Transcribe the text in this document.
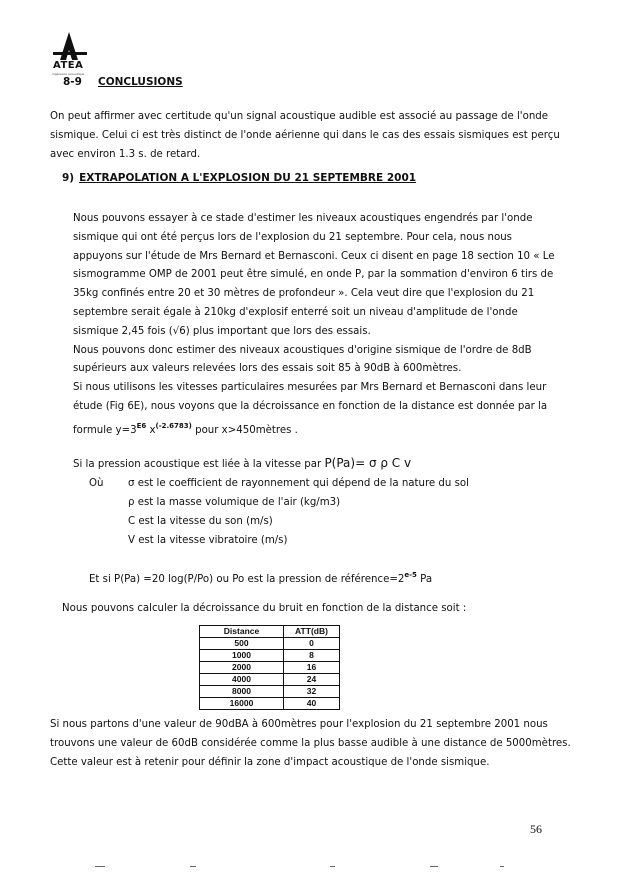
ATEA
ingénierie acoustique
8-9 CONCLUSIONS

On peut affirmer avec certitude qu'un signal acoustique audible est associé au passage de l'onde sismique. Celui ci est très distinct de l'onde aérienne qui dans le cas des essais sismiques est perçu avec environ 1.3 s. de retard.

9) EXTRAPOLATION A L'EXPLOSION DU 21 SEPTEMBRE 2001
Nous pouvons essayer à ce stade d'estimer les niveaux acoustiques engendrés par l'onde sismique qui ont été perçus lors de l'explosion du 21 septembre. Pour cela, nous nous appuyons sur l'étude de Mrs Bernard et Bernasconi. Ceux ci disent en page 18 section 10 « Le sismogramme OMP de 2001 peut être simulé, en onde P, par la sommation d'environ 6 tirs de 35kg confinés entre 20 et 30 mètres de profondeur ». Cela veut dire que l'explosion du 21 septembre serait égale à 210kg d'explosif enterré soit un niveau d'amplitude de l'onde sismique 2,45 fois (√6) plus important que lors des essais.
Nous pouvons donc estimer des niveaux acoustiques d'origine sismique de l'ordre de 8dB supérieurs aux valeurs relevées lors des essais soit 85 à 90dB à 600mètres.
Si nous utilisons les vitesses particulaires mesurées par Mrs Bernard et Bernasconi dans leur étude (Fig 6E), nous voyons que la décroissance en fonction de la distance est donnée par la formule $y=3^{E6}$ $x^{(-2.6783)}$ pour x>450mètres .
Si la pression acoustique est liée à la vitesse par P(Pa)= σ ρ C v
Où σ est le coefficient de rayonnement qui dépend de la nature du sol
ρ est la masse volumique de l'air (kg/m3)
C est la vitesse du son (m/s)
V est la vitesse vibratoire (m/s)
Et si P(Pa) =20 log(P/Po) ou Po est la pression de $référence=2^{e-5}$ Pa
Nous pouvons calculer la décroissance du bruit en fonction de la distance soit :
Distance	ATT(dB)
500	0
1000	8
2000	16
4000	24
8000	32
16000	40

Si nous partons d'une valeur de 90dBA à 600mètres pour l'explosion du 21 septembre 2001 nous trouvons une valeur de 60dB considérée comme la plus basse audible à une distance de 5000mètres. Cette valeur est à retenir pour définir la zone d'impact acoustique de l'onde sismique.

56
